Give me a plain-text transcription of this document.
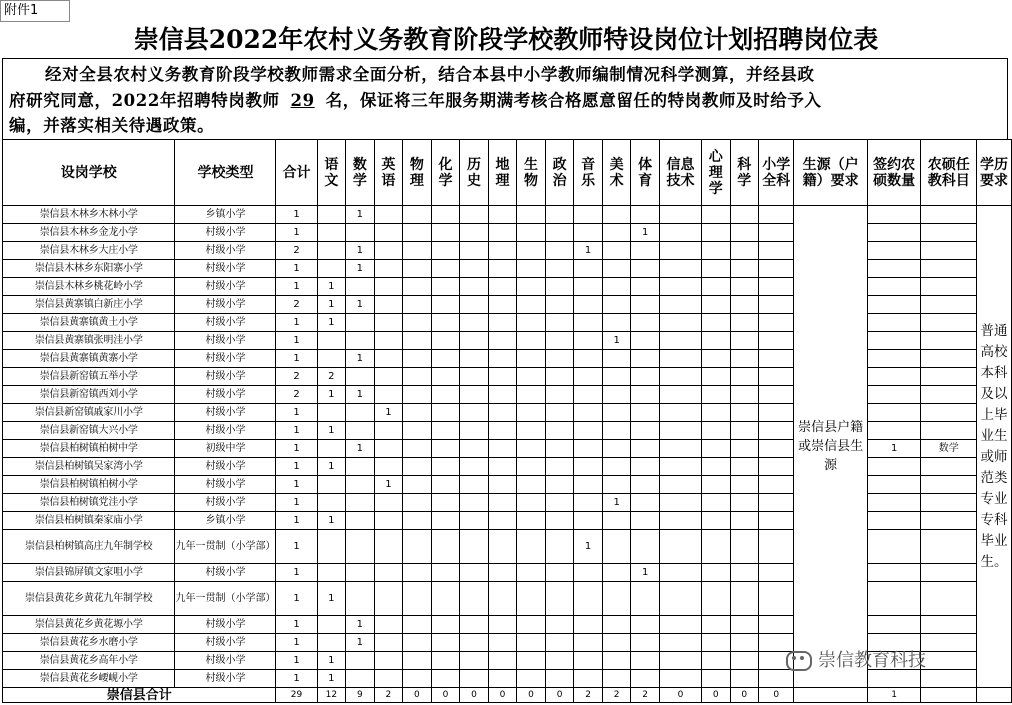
附件1
崇信县2022年农村义务教育阶段学校教师特设岗位计划招聘岗位表
经对全县农村义务教育阶段学校教师需求全面分析，结合本县中小学教师编制情况科学测算，并经县政
府研究同意，2022年招聘特岗教师 29 名，保证将三年服务期满考核合格愿意留任的特岗教师及时给予入
编，并落实相关待遇政策。
设岗学校	学校类型	合计	语文	数学	英语	物理	化学	历史	地理	生物	政治	音乐	美术	体育	信息技术	心理学	科学	小学全科	生源（户籍）要求	签约农硕数量	农硕任教科目	学历要求
崇信县木林乡木林小学	乡镇小学	1		1															崇信县户籍或崇信县生源			普通高校本科及以上毕业生或师范类专业专科毕业生。
崇信县木林乡金龙小学	村级小学	1												1								
崇信县木林乡大庄小学	村级小学	2		1								1										
崇信县木林乡东阳寨小学	村级小学	1		1																		
崇信县木林乡桃花岭小学	村级小学	1	1																			
崇信县黄寨镇白新庄小学	村级小学	2	1	1																		
崇信县黄寨镇黄土小学	村级小学	1	1																			
崇信县黄寨镇张明洼小学	村级小学	1											1									
崇信县黄寨镇黄寨小学	村级小学	1		1																		
崇信县新窑镇五举小学	村级小学	2	2																			
崇信县新窑镇西刘小学	村级小学	2	1	1																		
崇信县新窑镇戚家川小学	村级小学	1			1																	
崇信县新窑镇大兴小学	村级小学	1	1																			
崇信县柏树镇柏树中学	初级中学	1		1																1	数学	
崇信县柏树镇吴家湾小学	村级小学	1	1																			
崇信县柏树镇柏树小学	村级小学	1			1																	
崇信县柏树镇党洼小学	村级小学	1											1									
崇信县柏树镇秦家庙小学	乡镇小学	1	1																			
崇信县柏树镇高庄九年制学校	九年一贯制（小学部）	1										1										
崇信县锦屏镇文家咀小学	村级小学	1												1								
崇信县黄花乡黄花九年制学校	九年一贯制（小学部）	1	1																			
崇信县黄花乡黄花塬小学	村级小学	1		1																		
崇信县黄花乡水磨小学	村级小学	1		1																		
崇信县黄花乡高年小学	村级小学	1	1																			
崇信县黄花乡崾岘小学	村级小学	1	1																			
崇信县合计		29	12	9	2	0	0	0	0	0	0	2	2	2	0	0	0	0		1		
崇信教育科技
